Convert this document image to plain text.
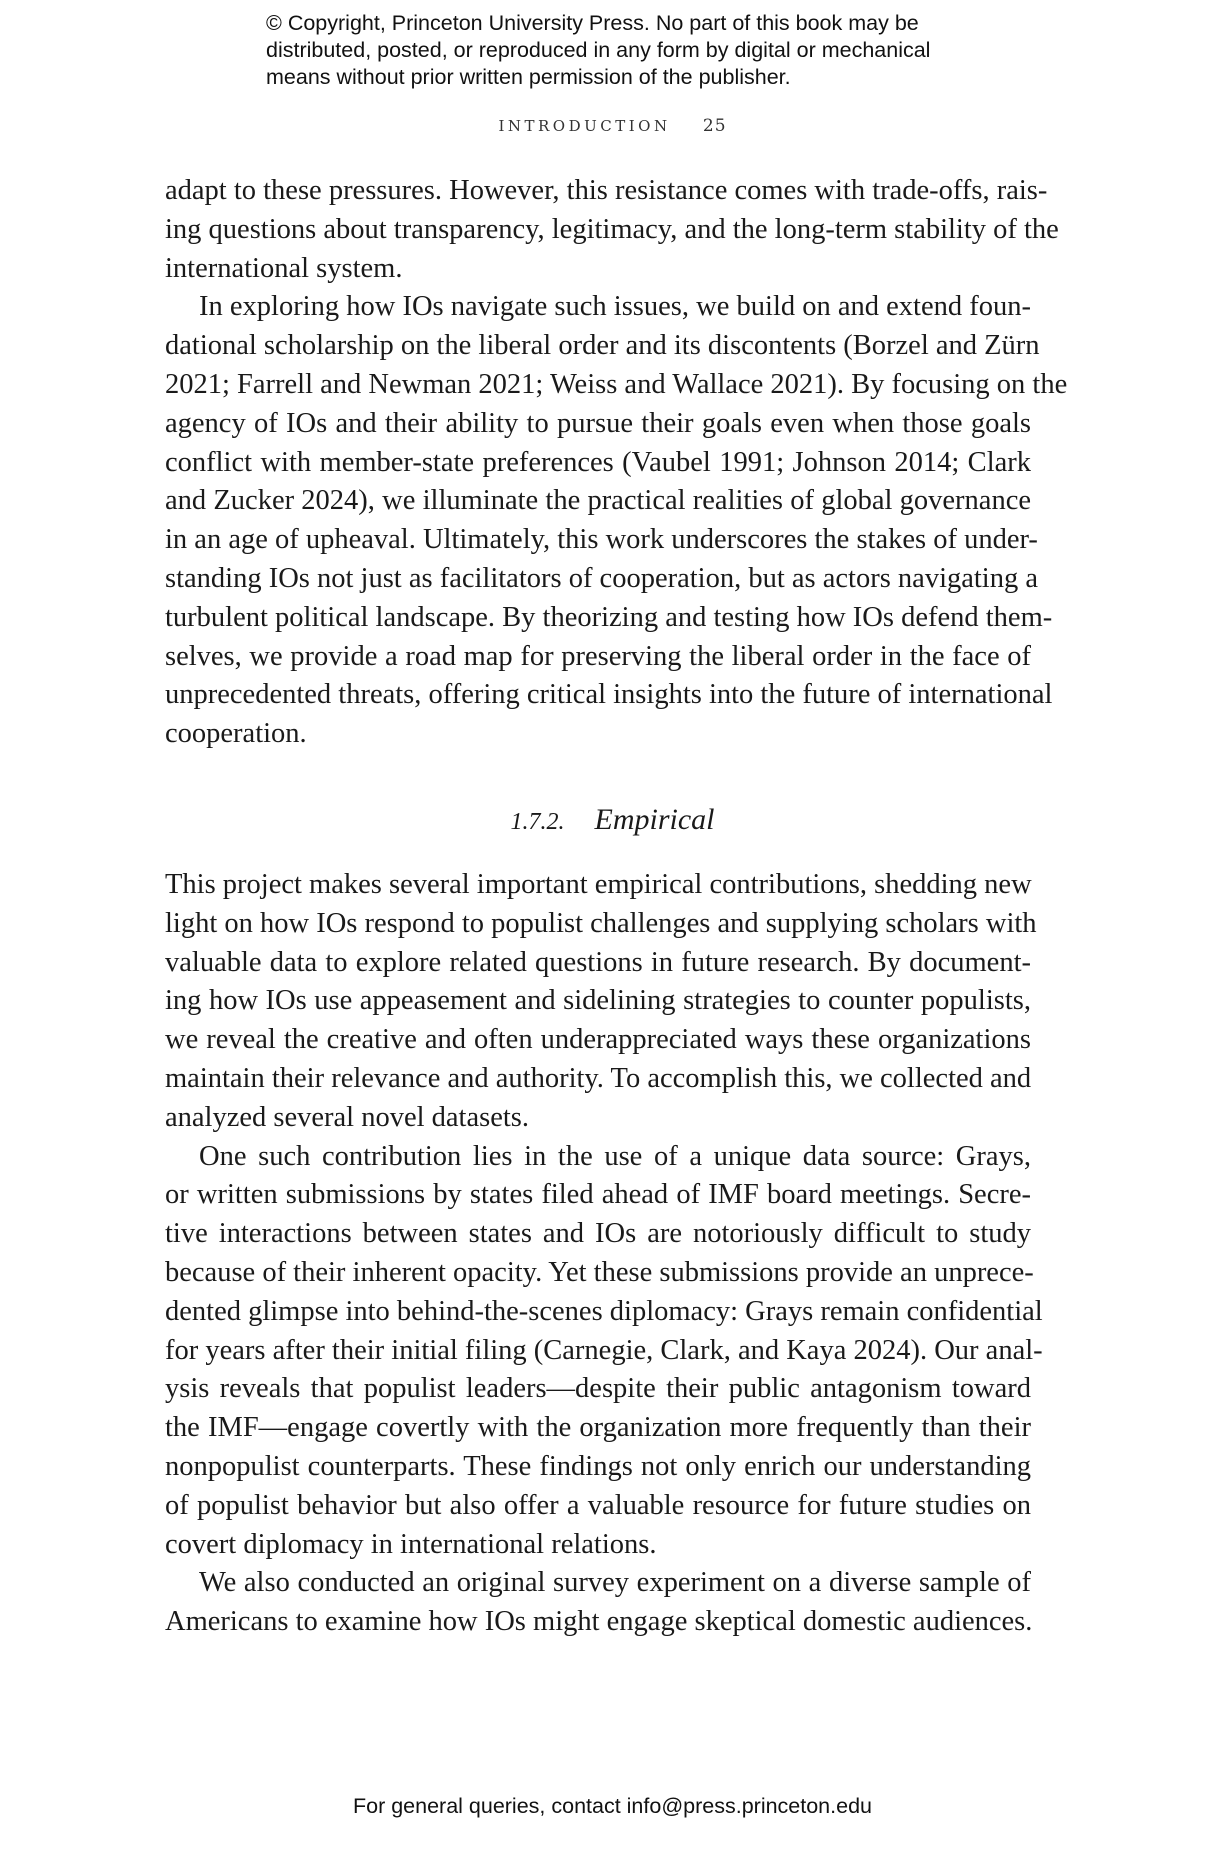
© Copyright, Princeton University Press. No part of this book may be
distributed, posted, or reproduced in any form by digital or mechanical
means without prior written permission of the publisher.
INTRODUCTION 25
adapt to these pressures. However, this resistance comes with trade-offs, rais-
ing questions about transparency, legitimacy, and the long-term stability of the
international system.
In exploring how IOs navigate such issues, we build on and extend foun-
dational scholarship on the liberal order and its discontents (Borzel and Zürn
2021; Farrell and Newman 2021; Weiss and Wallace 2021). By focusing on the
agency of IOs and their ability to pursue their goals even when those goals
conflict with member-state preferences (Vaubel 1991; Johnson 2014; Clark
and Zucker 2024), we illuminate the practical realities of global governance
in an age of upheaval. Ultimately, this work underscores the stakes of under-
standing IOs not just as facilitators of cooperation, but as actors navigating a
turbulent political landscape. By theorizing and testing how IOs defend them-
selves, we provide a road map for preserving the liberal order in the face of
unprecedented threats, offering critical insights into the future of international
cooperation.
1.7.2. Empirical
This project makes several important empirical contributions, shedding new
light on how IOs respond to populist challenges and supplying scholars with
valuable data to explore related questions in future research. By document-
ing how IOs use appeasement and sidelining strategies to counter populists,
we reveal the creative and often underappreciated ways these organizations
maintain their relevance and authority. To accomplish this, we collected and
analyzed several novel datasets.
One such contribution lies in the use of a unique data source: Grays,
or written submissions by states filed ahead of IMF board meetings. Secre-
tive interactions between states and IOs are notoriously difficult to study
because of their inherent opacity. Yet these submissions provide an unprece-
dented glimpse into behind-the-scenes diplomacy: Grays remain confidential
for years after their initial filing (Carnegie, Clark, and Kaya 2024). Our anal-
ysis reveals that populist leaders—despite their public antagonism toward
the IMF—engage covertly with the organization more frequently than their
nonpopulist counterparts. These findings not only enrich our understanding
of populist behavior but also offer a valuable resource for future studies on
covert diplomacy in international relations.
We also conducted an original survey experiment on a diverse sample of
Americans to examine how IOs might engage skeptical domestic audiences.
For general queries, contact info@press.princeton.edu
